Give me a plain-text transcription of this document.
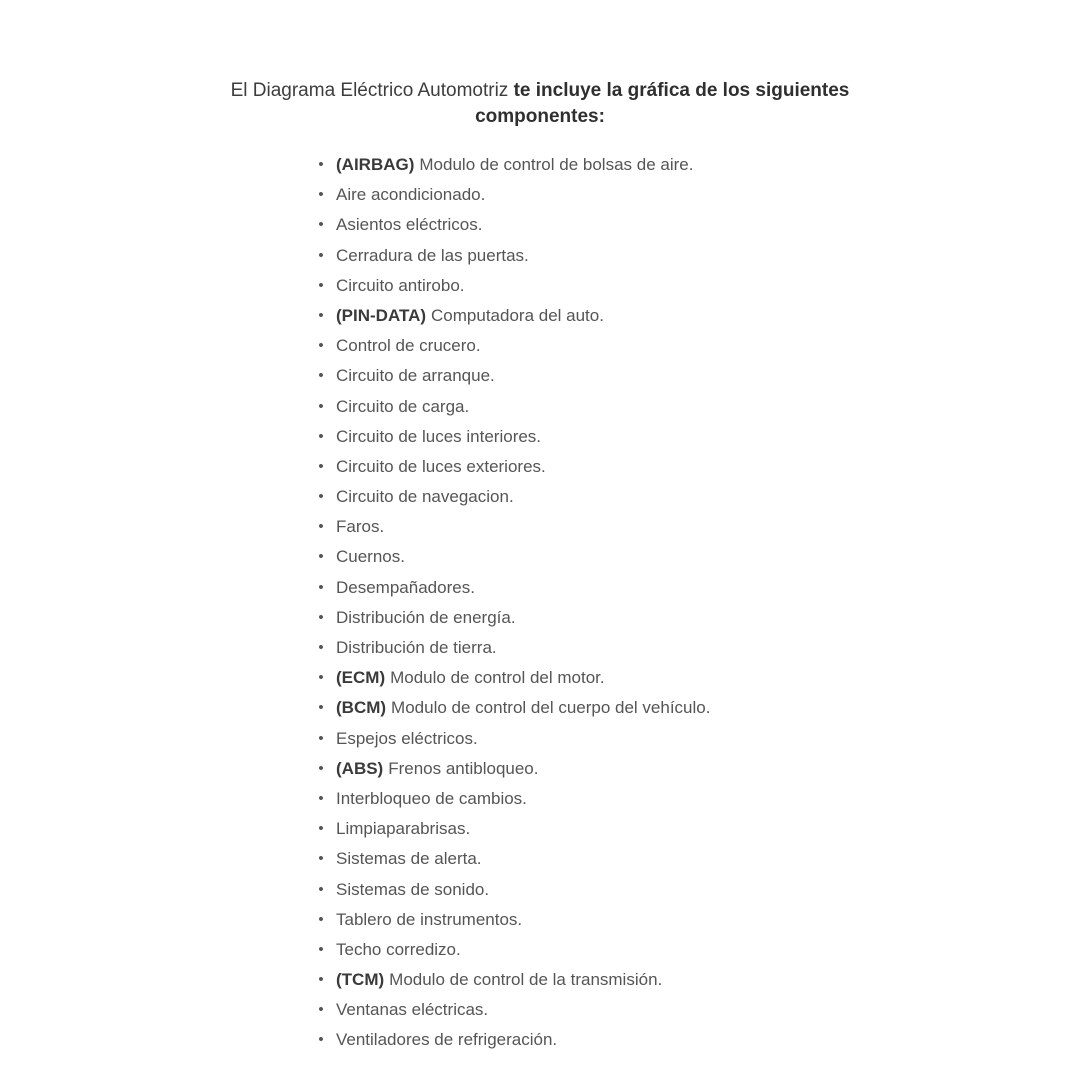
El Diagrama Eléctrico Automotriz te incluye la gráfica de los siguientes
componentes:
• (AIRBAG) Modulo de control de bolsas de aire.
• Aire acondicionado.
• Asientos eléctricos.
• Cerradura de las puertas.
• Circuito antirobo.
• (PIN-DATA) Computadora del auto.
• Control de crucero.
• Circuito de arranque.
• Circuito de carga.
• Circuito de luces interiores.
• Circuito de luces exteriores.
• Circuito de navegacion.
• Faros.
• Cuernos.
• Desempañadores.
• Distribución de energía.
• Distribución de tierra.
• (ECM) Modulo de control del motor.
• (BCM) Modulo de control del cuerpo del vehículo.
• Espejos eléctricos.
• (ABS) Frenos antibloqueo.
• Interbloqueo de cambios.
• Limpiaparabrisas.
• Sistemas de alerta.
• Sistemas de sonido.
• Tablero de instrumentos.
• Techo corredizo.
• (TCM) Modulo de control de la transmisión.
• Ventanas eléctricas.
• Ventiladores de refrigeración.
